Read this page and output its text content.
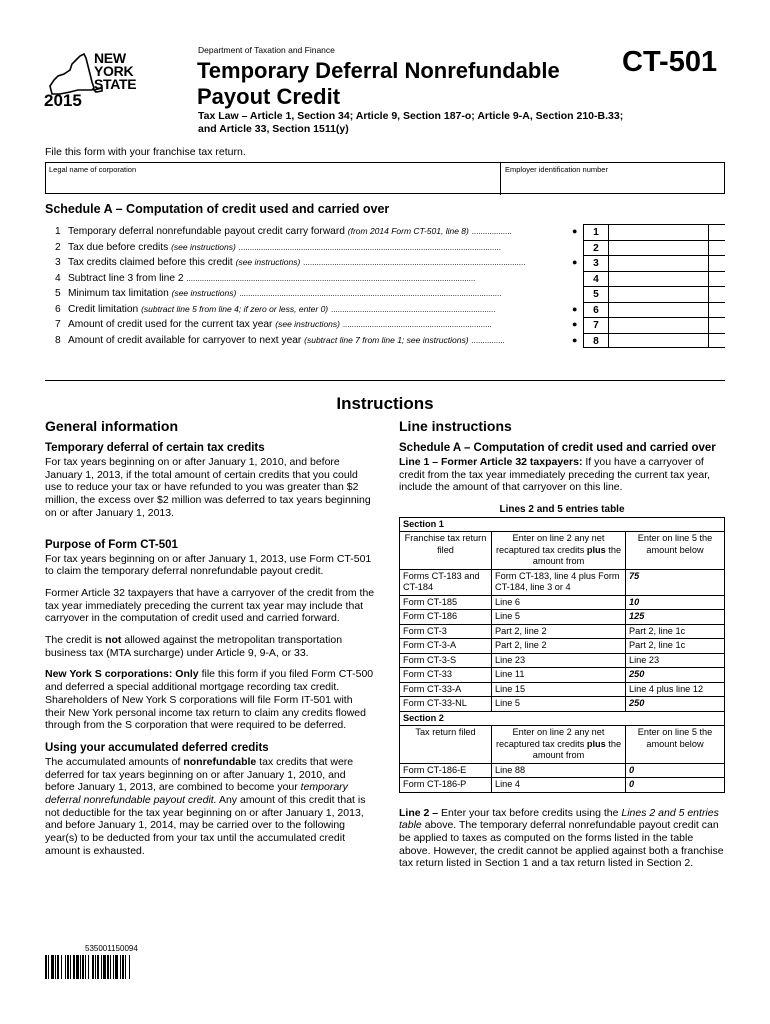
NEW
YORK
STATE
2015
Department of Taxation and Finance
Temporary Deferral Nonrefundable
Payout Credit
CT-501
Tax Law – Article 1, Section 34; Article 9, Section 187-o; Article 9-A, Section 210-B.33;
and Article 33, Section 1511(y)
File this form with your franchise tax return.
Legal name of corporation	Employer identification number
Schedule A – Computation of credit used and carried over
1 Temporary deferral nonrefundable payout credit carry forward (from 2014 Form CT-501, line 8) ..................	●	1
2 Tax due before credits (see instructions) ......................................................................................................................	2
3 Tax credits claimed before this credit (see instructions) ....................................................................................................	●	3
4 Subtract line 3 from line 2 ..................................................................................................................................	4
5 Minimum tax limitation (see instructions) ......................................................................................................................	5
6 Credit limitation (subtract line 5 from line 4; if zero or less, enter 0) ..........................................................................	●	6
7 Amount of credit used for the current tax year (see instructions) ...................................................................	●	7
8 Amount of credit available for carryover to next year (subtract line 7 from line 1; see instructions) ...............	●	8
Instructions
General information
Temporary deferral of certain tax credits

For tax years beginning on or after January 1, 2010, and before January 1, 2013, if the total amount of certain credits that you could use to reduce your tax or have refunded to you was greater than $2 million, the excess over $2 million was deferred to tax years beginning on or after January 1, 2013.

Purpose of Form CT-501

For tax years beginning on or after January 1, 2013, use Form CT-501 to claim the temporary deferral nonrefundable payout credit.

Former Article 32 taxpayers that have a carryover of the credit from the tax year immediately preceding the current tax year may include that carryover in the computation of credit used and carried forward.

The credit is not allowed against the metropolitan transportation business tax (MTA surcharge) under Article 9, 9-A, or 33.

New York S corporations: Only file this form if you filed Form CT-500 and deferred a special additional mortgage recording tax credit. Shareholders of New York S corporations will file Form IT-501 with their New York personal income tax return to claim any credits flowed through from the S corporation that were required to be deferred.

Using your accumulated deferred credits

The accumulated amounts of nonrefundable tax credits that were deferred for tax years beginning on or after January 1, 2010, and before January 1, 2013, are combined to become your temporary deferral nonrefundable payout credit. Any amount of this credit that is not deductible for the tax year beginning on or after January 1, 2013, and before January 1, 2014, may be carried over to the following year(s) to be deducted from your tax until the accumulated credit amount is exhausted.

Line instructions
Schedule A – Computation of credit used and carried over

Line 1 – Former Article 32 taxpayers: If you have a carryover of credit from the tax year immediately preceding the current tax year, include the amount of that carryover on this line.

Lines 2 and 5 entries table		
Section 1		
Franchise tax return filed	Enter on line 2 any net recaptured tax credits plus the amount from	Enter on line 5 the amount below
Forms CT-183 and CT-184	Form CT-183, line 4 plus Form CT-184, line 3 or 4	75
Form CT-185	Line 6	10
Form CT-186	Line 5	125
Form CT-3	Part 2, line 2	Part 2, line 1c
Form CT-3-A	Part 2, line 2	Part 2, line 1c
Form CT-3-S	Line 23	Line 23
Form CT-33	Line 11	250
Form CT-33-A	Line 15	Line 4 plus line 12
Form CT-33-NL	Line 5	250
Section 2		
Tax return filed	Enter on line 2 any net recaptured tax credits plus the amount from	Enter on line 5 the amount below
Form CT-186-E	Line 88	0
Form CT-186-P	Line 4	0

Line 2 – Enter your tax before credits using the Lines 2 and 5 entries table above. The temporary deferral nonrefundable payout credit can be applied to taxes as computed on the forms listed in the table above. However, the credit cannot be applied against both a franchise tax return listed in Section 1 and a tax return listed in Section 2.

535001150094
